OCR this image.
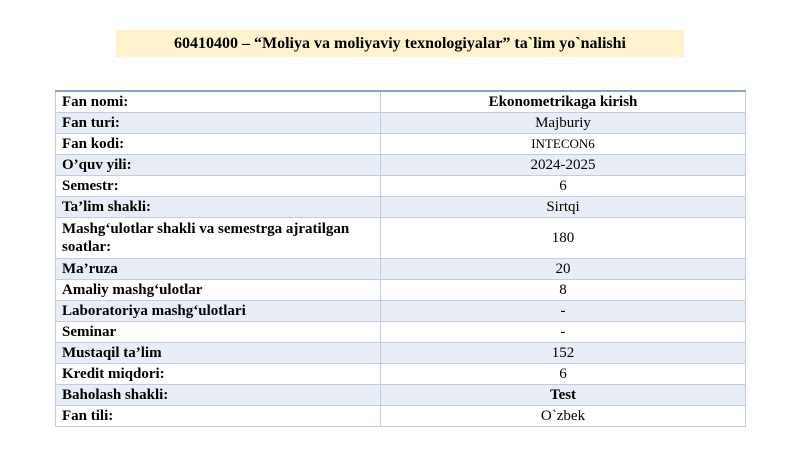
60410400 – “Moliya va moliyaviy texnologiyalar” ta`lim yo`nalishi
Fan nomi:	Ekonometrikaga kirish
Fan turi:	Majburiy
Fan kodi:	INTECON6
O’quv yili:	2024-2025
Semestr:	6
Ta’lim shakli:	Sirtqi
Mashg‘ulotlar shakli va semestrga ajratilgan soatlar:	180
Ma’ruza	20
Amaliy mashg‘ulotlar	8
Laboratoriya mashg‘ulotlari	-
Seminar	-
Mustaqil ta’lim	152
Kredit miqdori:	6
Baholash shakli:	Test
Fan tili:	O`zbek
